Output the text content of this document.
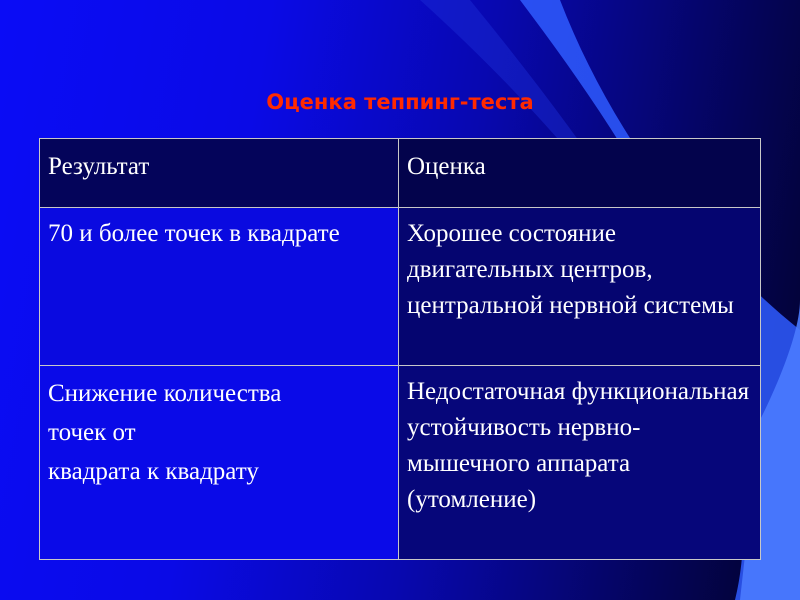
Оценка теппинг-теста
Результат	Оценка
70 и более точек в квадрате	Хорошее состояние двигательных центров, центральной нервной системы

Снижение количества
точек от
квадрата к квадрату	Недостаточная функциональная устойчивость нервно-мышечного аппарата (утомление)
